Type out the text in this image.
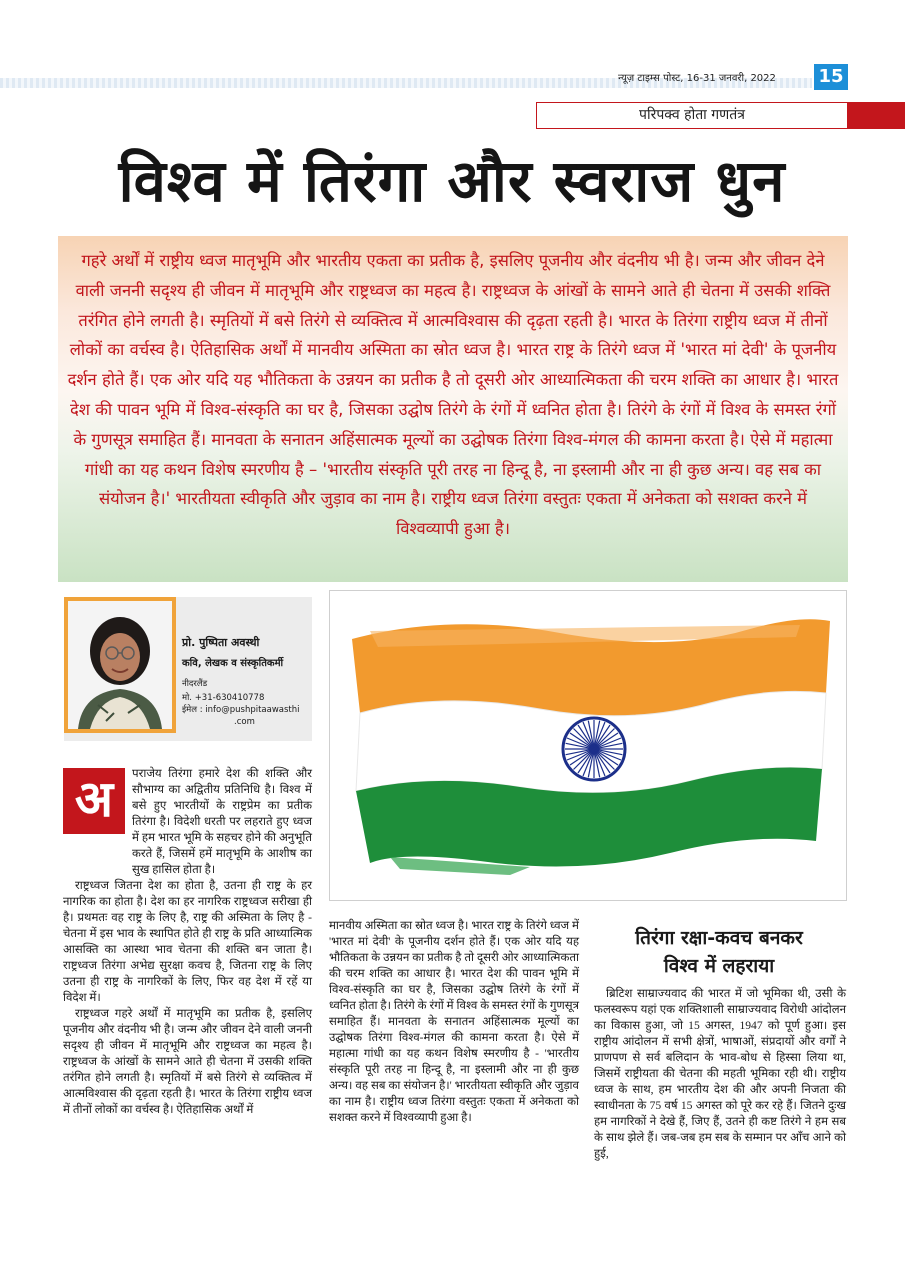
न्यूज़ टाइम्स पोस्ट, 16-31 जनवरी, 2022 15
परिपक्व होता गणतंत्र
विश्व में तिरंगा और स्वराज धुन

गहरे अर्थों में राष्ट्रीय ध्वज मातृभूमि और भारतीय एकता का प्रतीक है, इसलिए पूजनीय और वंदनीय भी है। जन्म और जीवन देने वाली जननी सदृश्य ही जीवन में मातृभूमि और राष्ट्रध्वज का महत्व है। राष्ट्रध्वज के आंखों के सामने आते ही चेतना में उसकी शक्ति तरंगित होने लगती है। स्मृतियों में बसे तिरंगे से व्यक्तित्व में आत्मविश्वास की दृढ़ता रहती है। भारत के तिरंगा राष्ट्रीय ध्वज में तीनों लोकों का वर्चस्व है। ऐतिहासिक अर्थों में मानवीय अस्मिता का स्रोत ध्वज है। भारत राष्ट्र के तिरंगे ध्वज में 'भारत मां देवी' के पूजनीय दर्शन होते हैं। एक ओर यदि यह भौतिकता के उन्नयन का प्रतीक है तो दूसरी ओर आध्यात्मिकता की चरम शक्ति का आधार है। भारत देश की पावन भूमि में विश्व-संस्कृति का घर है, जिसका उद्घोष तिरंगे के रंगों में ध्वनित होता है। तिरंगे के रंगों में विश्व के समस्त रंगों के गुणसूत्र समाहित हैं। मानवता के सनातन अहिंसात्मक मूल्यों का उद्घोषक तिरंगा विश्व-मंगल की कामना करता है। ऐसे में महात्मा गांधी का यह कथन विशेष स्मरणीय है – 'भारतीय संस्कृति पूरी तरह ना हिन्दू है, ना इस्लामी और ना ही कुछ अन्य। वह सब का संयोजन है।' भारतीयता स्वीकृति और जुड़ाव का नाम है। राष्ट्रीय ध्वज तिरंगा वस्तुतः एकता में अनेकता को सशक्त करने में विश्वव्यापी हुआ है।

प्रो. पुष्पिता अवस्थी
कवि, लेखक व संस्कृतिकर्मी
नीदरलैंड
मो. +31-630410778
ईमेल : info@pushpitaawasthi
.com
अ	पराजेय तिरंगा हमारे देश की शक्ति और सौभाग्य का अद्वितीय प्रतिनिधि है। विश्व में बसे हुए भारतीयों के राष्ट्रप्रेम का प्रतीक तिरंगा है। विदेशी धरती पर लहराते हुए ध्वज में हम भारत भूमि के सहचर होने की अनुभूति करते हैं, जिसमें हमें मातृभूमि के आशीष का सुख हासिल होता है।

राष्ट्रध्वज जितना देश का होता है, उतना ही राष्ट्र के हर नागरिक का होता है। देश का हर नागरिक राष्ट्रध्वज सरीखा ही है। प्रथमतः वह राष्ट्र के लिए है, राष्ट्र की अस्मिता के लिए है - चेतना में इस भाव के स्थापित होते ही राष्ट्र के प्रति आध्यात्मिक आसक्ति का आस्था भाव चेतना की शक्ति बन जाता है। राष्ट्रध्वज तिरंगा अभेद्य सुरक्षा कवच है, जितना राष्ट्र के लिए उतना ही राष्ट्र के नागरिकों के लिए, फिर वह देश में रहें या विदेश में।

राष्ट्रध्वज गहरे अर्थों में मातृभूमि का प्रतीक है, इसलिए पूजनीय और वंदनीय भी है। जन्म और जीवन देने वाली जननी सदृश्य ही जीवन में मातृभूमि और राष्ट्रध्वज का महत्व है। राष्ट्रध्वज के आंखों के सामने आते ही चेतना में उसकी शक्ति तरंगित होने लगती है। स्मृतियों में बसे तिरंगे से व्यक्तित्व में आत्मविश्वास की दृढ़ता रहती है। भारत के तिरंगा राष्ट्रीय ध्वज में तीनों लोकों का वर्चस्व है। ऐतिहासिक अर्थों में

मानवीय अस्मिता का स्रोत ध्वज है। भारत राष्ट्र के तिरंगे ध्वज में 'भारत मां देवी' के पूजनीय दर्शन होते हैं। एक ओर यदि यह भौतिकता के उन्नयन का प्रतीक है तो दूसरी ओर आध्यात्मिकता की चरम शक्ति का आधार है। भारत देश की पावन भूमि में विश्व-संस्कृति का घर है, जिसका उद्घोष तिरंगे के रंगों में ध्वनित होता है। तिरंगे के रंगों में विश्व के समस्त रंगों के गुणसूत्र समाहित हैं। मानवता के सनातन अहिंसात्मक मूल्यों का उद्घोषक तिरंगा विश्व-मंगल की कामना करता है। ऐसे में महात्मा गांधी का यह कथन विशेष स्मरणीय है - 'भारतीय संस्कृति पूरी तरह ना हिन्दू है, ना इस्लामी और ना ही कुछ अन्य। वह सब का संयोजन है।' भारतीयता स्वीकृति और जुड़ाव का नाम है। राष्ट्रीय ध्वज तिरंगा वस्तुतः एकता में अनेकता को सशक्त करने में विश्वव्यापी हुआ है।

तिरंगा रक्षा-कवच बनकर
विश्व में लहराया

ब्रिटिश साम्राज्यवाद की भारत में जो भूमिका थी, उसी के फलस्वरूप यहां एक शक्तिशाली साम्राज्यवाद विरोधी आंदोलन का विकास हुआ, जो 15 अगस्त, 1947 को पूर्ण हुआ। इस राष्ट्रीय आंदोलन में सभी क्षेत्रों, भाषाओं, संप्रदायों और वर्गों ने प्राणपण से सर्व बलिदान के भाव-बोध से हिस्सा लिया था, जिसमें राष्ट्रीयता की चेतना की महती भूमिका रही थी। राष्ट्रीय ध्वज के साथ, हम भारतीय देश की और अपनी निजता की स्वाधीनता के 75 वर्ष 15 अगस्त को पूरे कर रहे हैं। जितने दुःख हम नागरिकों ने देखे हैं, जिए हैं, उतने ही कष्ट तिरंगे ने हम सब के साथ झेले हैं। जब-जब हम सब के सम्मान पर आँच आने को हुई,
